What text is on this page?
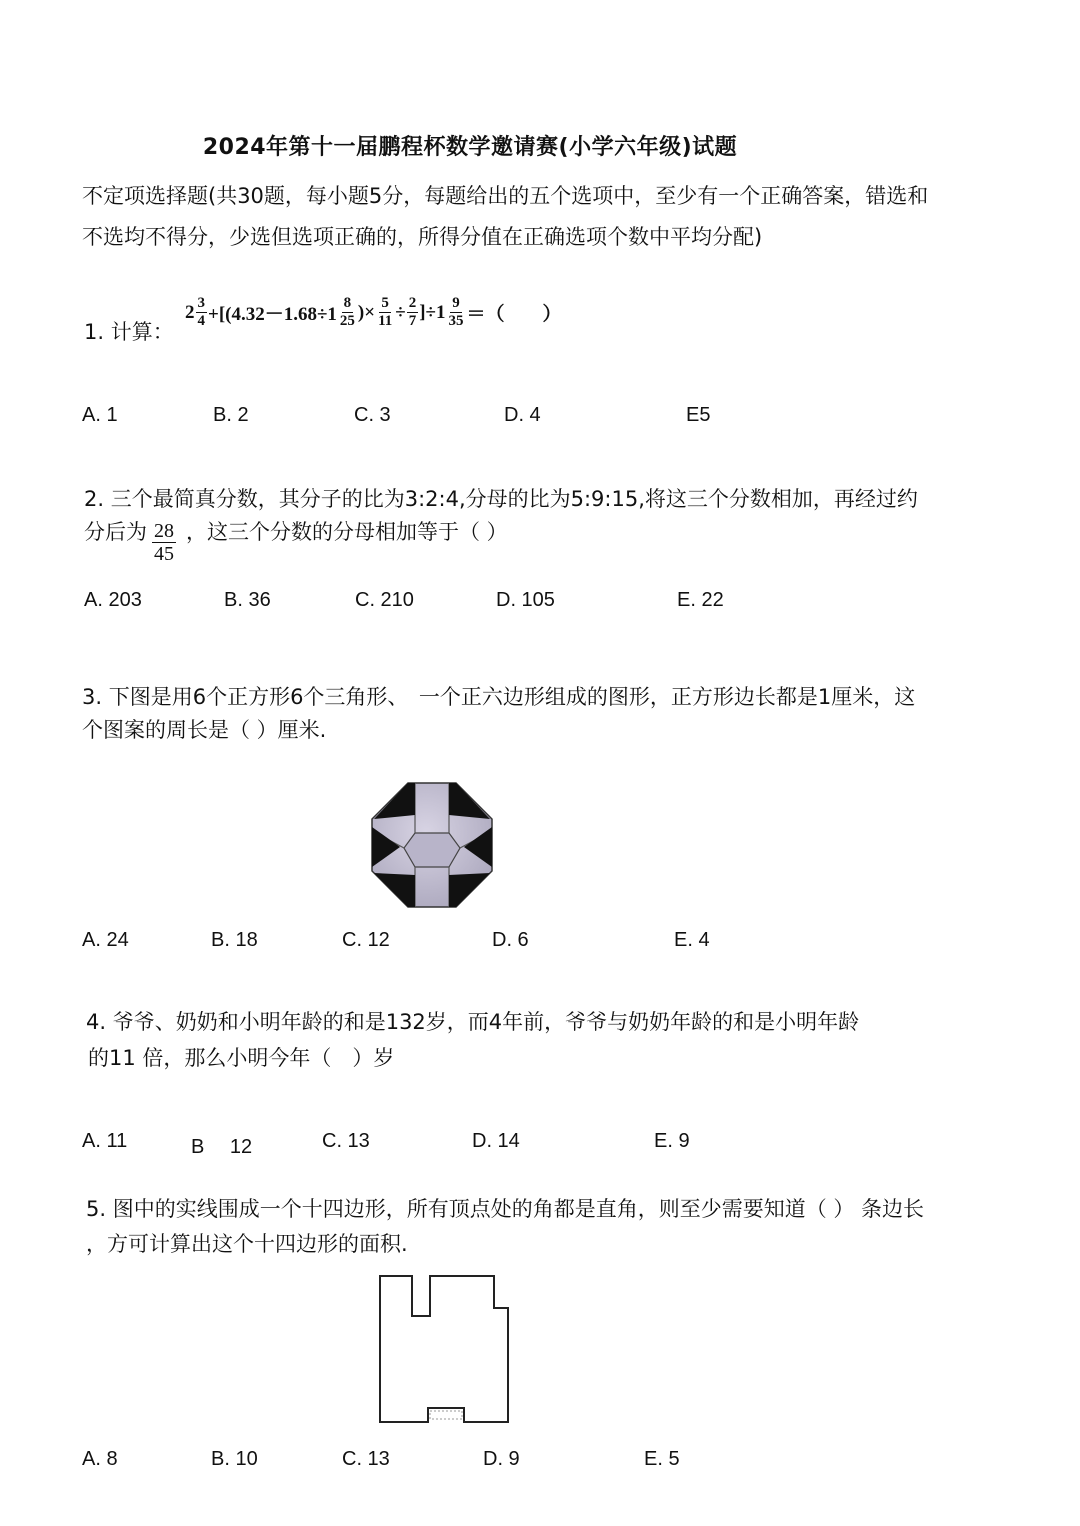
2024年第十一届鹏程杯数学邀请赛(小学六年级)试题
不定项选择题(共30题，每小题5分，每题给出的五个选项中，至少有一个正确答案，错选和
不选均不得分，少选但选项正确的，所得分值在正确选项个数中平均分配)
1. 计算：
$2 \frac{3}{4} +[(4.32-1.68\div 1 \frac{8}{25}$ )× $\frac{5}{11} \div \frac{2}{7} ]\div 1 \frac{9}{35}$ ＝（　　）
A. 1	B. 2	C. 3	D. 4	E5
2. 三个最简真分数，其分子的比为3:2:4,分母的比为5:9:15,将这三个分数相加，再经过约
分后为 $\frac{28}{45}$ ，这三个分数的分母相加等于（ ）
A. 203	B. 36	C. 210	D. 105	E. 22
3. 下图是用6个正方形6个三角形、　一个正六边形组成的图形，正方形边长都是1厘米，这
个图案的周长是（ ）厘米.
A. 24	B. 18	C. 12	D. 6	E. 4
4. 爷爷、奶奶和小明年龄的和是132岁，而4年前，爷爷与奶奶年龄的和是小明年龄
的11 倍，那么小明今年（　）岁
A. 11	B　 12	C. 13	D. 14	E. 9
5. 图中的实线围成一个十四边形，所有顶点处的角都是直角，则至少需要知道（ ） 条边长
，方可计算出这个十四边形的面积.
A. 8	B. 10	C. 13	D. 9	E. 5
